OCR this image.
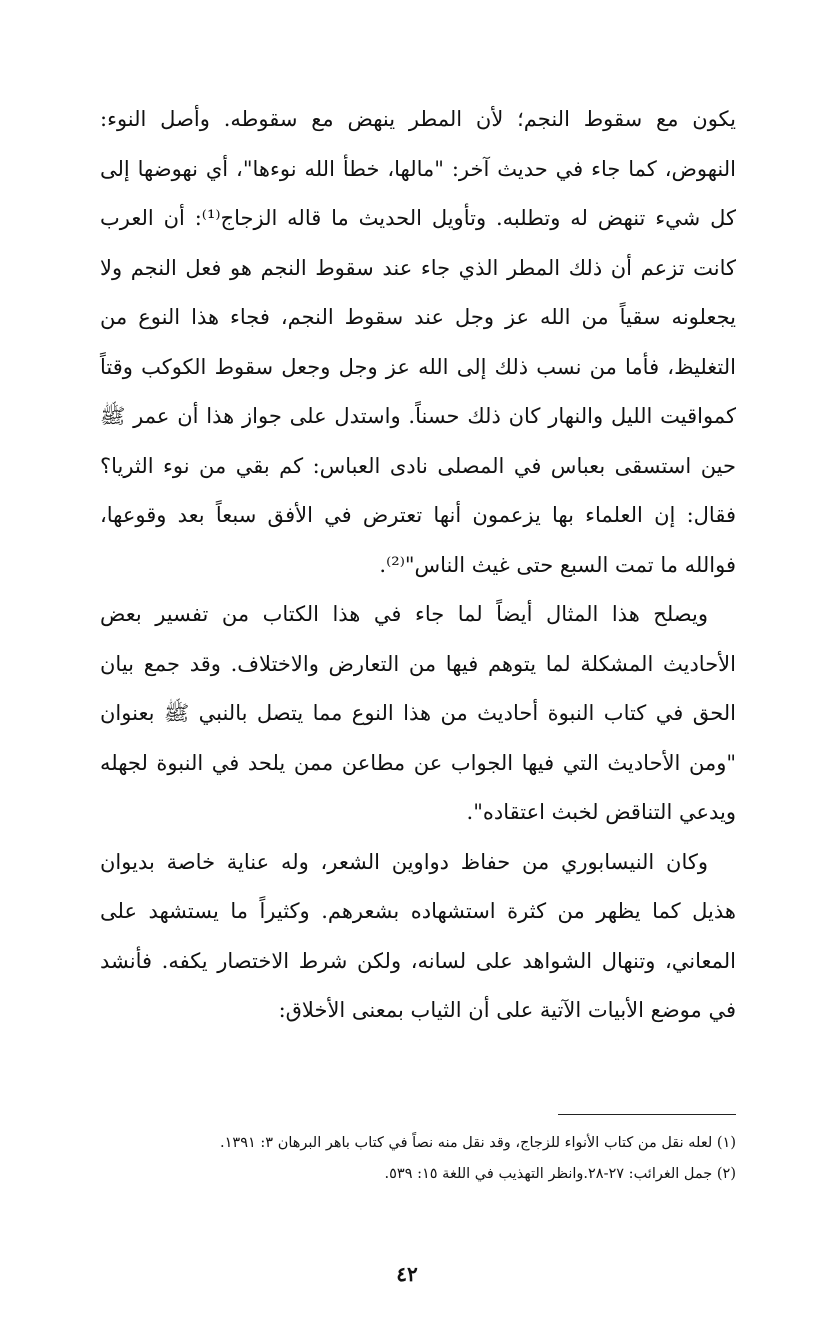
يكون مع سقوط النجم؛ لأن المطر ينهض مع سقوطه. وأصل النوء: النهوض، كما جاء في حديث آخر: "مالها، خطأ الله نوءها"، أي نهوضها إلى كل شيء تنهض له وتطلبه. وتأويل الحديث ما قاله الزجاج⁽¹⁾: أن العرب كانت تزعم أن ذلك المطر الذي جاء عند سقوط النجم هو فعل النجم ولا يجعلونه سقياً من الله عز وجل عند سقوط النجم، فجاء هذا النوع من التغليظ، فأما من نسب ذلك إلى الله عز وجل وجعل سقوط الكوكب وقتاً كمواقيت الليل والنهار كان ذلك حسناً. واستدل على جواز هذا أن عمر ﷺ حين استسقى بعباس في المصلى نادى العباس: كم بقي من نوء الثريا؟ فقال: إن العلماء بها يزعمون أنها تعترض في الأفق سبعاً بعد وقوعها، فوالله ما تمت السبع حتى غيث الناس"⁽²⁾.

ويصلح هذا المثال أيضاً لما جاء في هذا الكتاب من تفسير بعض الأحاديث المشكلة لما يتوهم فيها من التعارض والاختلاف. وقد جمع بيان الحق في كتاب النبوة أحاديث من هذا النوع مما يتصل بالنبي ﷺ بعنوان "ومن الأحاديث التي فيها الجواب عن مطاعن ممن يلحد في النبوة لجهله ويدعي التناقض لخبث اعتقاده".

وكان النيسابوري من حفاظ دواوين الشعر، وله عناية خاصة بديوان هذيل كما يظهر من كثرة استشهاده بشعرهم. وكثيراً ما يستشهد على المعاني، وتنهال الشواهد على لسانه، ولكن شرط الاختصار يكفه. فأنشد في موضع الأبيات الآتية على أن الثياب بمعنى الأخلاق:

(١) لعله نقل من كتاب الأنواء للزجاج، وقد نقل منه نصاً في كتاب باهر البرهان ٣: ١٣٩١.
(٢) جمل الغرائب: ٢٧-٢٨.وانظر التهذيب في اللغة ١٥: ٥٣٩.
٤٢
